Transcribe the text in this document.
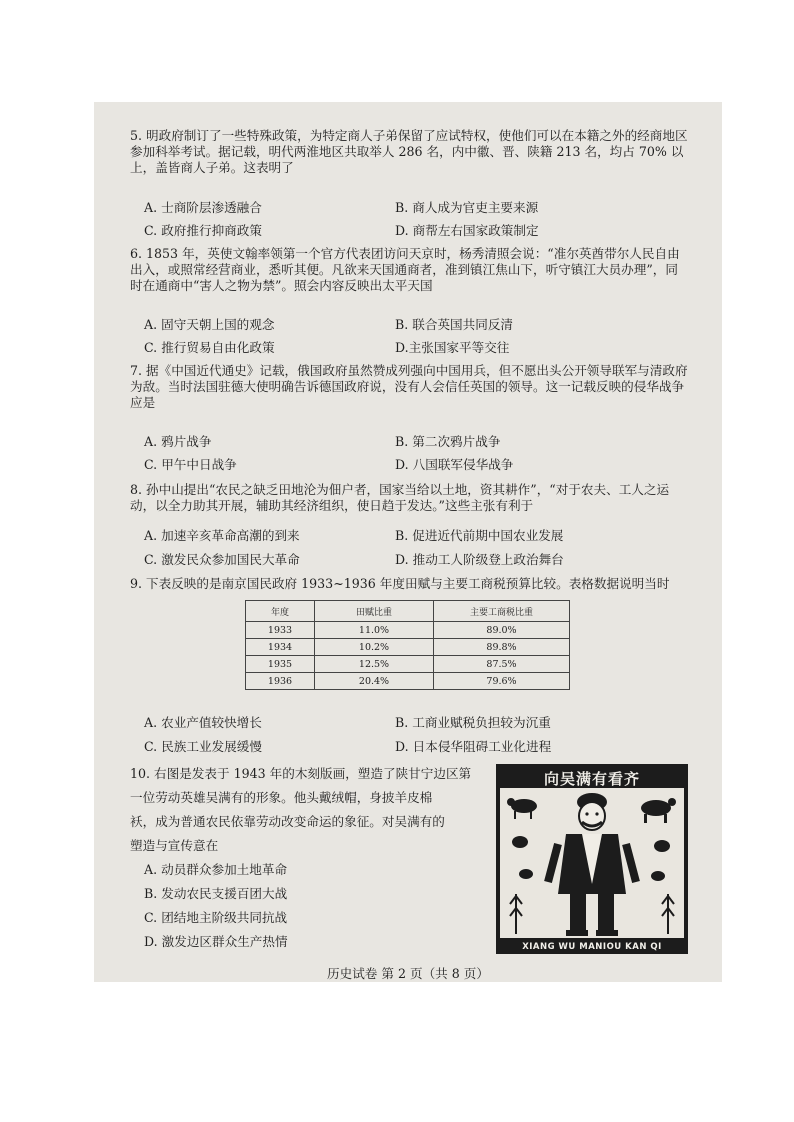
5. 明政府制订了一些特殊政策，为特定商人子弟保留了应试特权，使他们可以在本籍之外的经商地区参加科举考试。据记载，明代两淮地区共取举人 286 名，内中徽、晋、陕籍 213 名，均占 70% 以上，盖皆商人子弟。这表明了
A. 士商阶层渗透融合	B. 商人成为官吏主要来源
C. 政府推行抑商政策	D. 商帮左右国家政策制定
6. 1853 年，英使文翰率领第一个官方代表团访问天京时，杨秀清照会说：“准尔英酋带尔人民自由出入，或照常经营商业，悉听其便。凡欲来天国通商者，准到镇江焦山下，听守镇江大员办理”，同时在通商中“害人之物为禁”。照会内容反映出太平天国
A. 固守天朝上国的观念	B. 联合英国共同反清
C. 推行贸易自由化政策	D.主张国家平等交往
7. 据《中国近代通史》记载，俄国政府虽然赞成列强向中国用兵，但不愿出头公开领导联军与清政府为敌。当时法国驻德大使明确告诉德国政府说，没有人会信任英国的领导。这一记载反映的侵华战争应是
A. 鸦片战争	B. 第二次鸦片战争
C. 甲午中日战争	D. 八国联军侵华战争
8. 孙中山提出“农民之缺乏田地沦为佃户者，国家当给以土地，资其耕作”，“对于农夫、工人之运动，以全力助其开展，辅助其经济组织，使日趋于发达。”这些主张有利于
A. 加速辛亥革命高潮的到来	B. 促进近代前期中国农业发展
C. 激发民众参加国民大革命	D. 推动工人阶级登上政治舞台
9. 下表反映的是南京国民政府 1933~1936 年度田赋与主要工商税预算比较。表格数据说明当时
年度	田赋比重	主要工商税比重
1933	11.0%	89.0%
1934	10.2%	89.8%
1935	12.5%	87.5%
1936	20.4%	79.6%
A. 农业产值较快增长	B. 工商业赋税负担较为沉重
C. 民族工业发展缓慢	D. 日本侵华阻碍工业化进程
10. 右图是发表于 1943 年的木刻版画，塑造了陕甘宁边区第
一位劳动英雄吴满有的形象。他头戴绒帽，身披羊皮棉
袄，成为普通农民依靠劳动改变命运的象征。对吴满有的
塑造与宣传意在
A. 动员群众参加土地革命
B. 发动农民支援百团大战
C. 团结地主阶级共同抗战
D. 激发边区群众生产热情
向吴满有看齐
XIANG WU MANIOU KAN QI
历史试卷 第 2 页（共 8 页）
